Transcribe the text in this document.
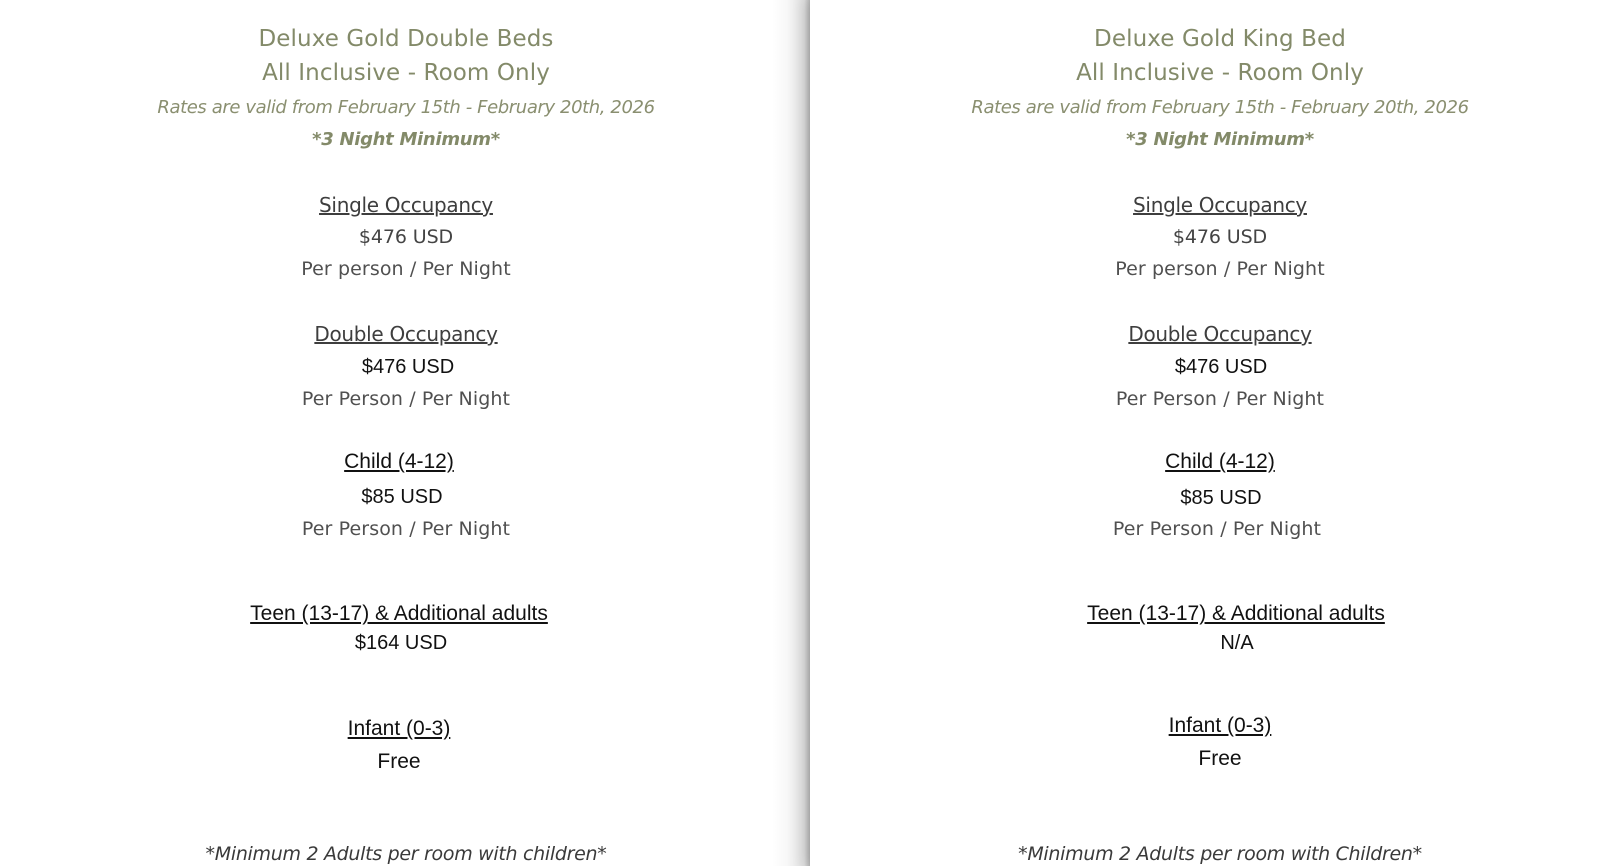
Deluxe Gold Double Beds

All Inclusive - Room Only

Rates are valid from February 15th - February 20th, 2026

*3 Night Minimum*

Single Occupancy

$476 USD

Per person / Per Night

Double Occupancy

$476 USD

Per Person / Per Night

Child (4-12)

$85 USD

Per Person / Per Night

Teen (13-17) & Additional adults

$164 USD

Infant (0-3)

Free

*Minimum 2 Adults per room with children*

Deluxe Gold King Bed

All Inclusive - Room Only

Rates are valid from February 15th - February 20th, 2026

*3 Night Minimum*

Single Occupancy

$476 USD

Per person / Per Night

Double Occupancy

$476 USD

Per Person / Per Night

Child (4-12)

$85 USD

Per Person / Per Night

Teen (13-17) & Additional adults

N/A

Infant (0-3)

Free

*Minimum 2 Adults per room with Children*
